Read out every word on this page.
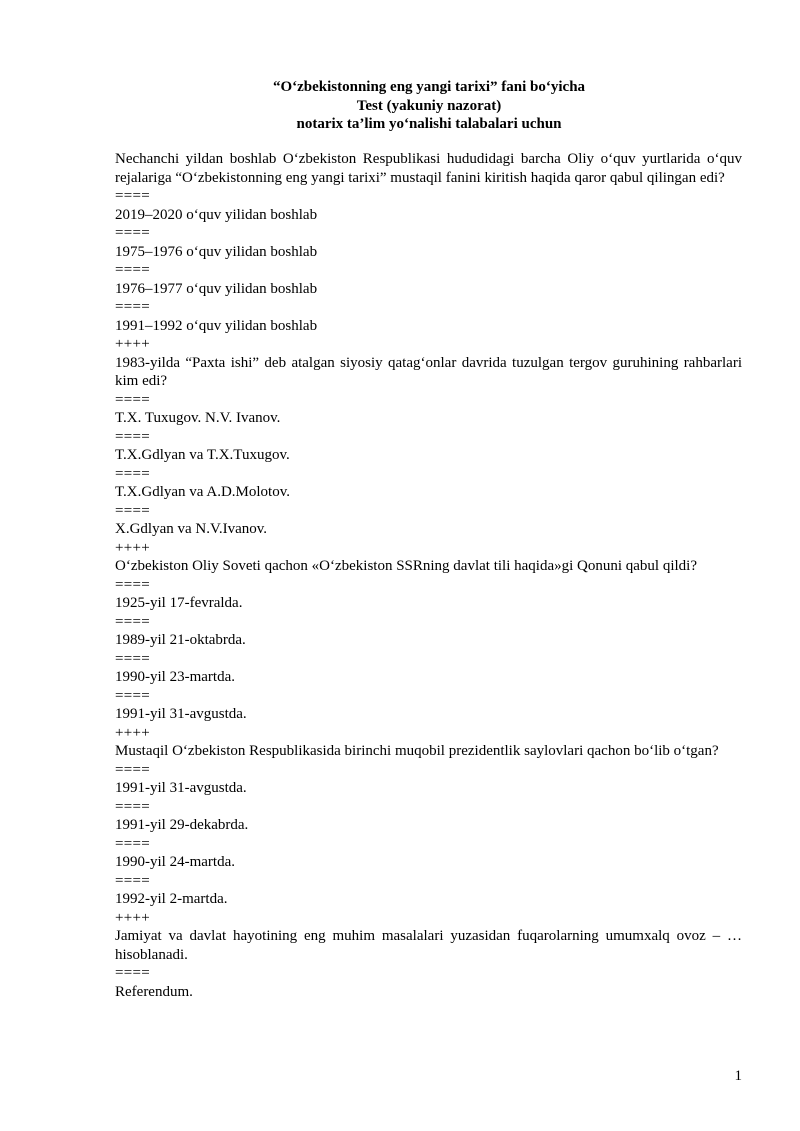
“O‘zbekistonning eng yangi tarixi” fani bo‘yicha
Test (yakuniy nazorat)
notarix ta’lim yo‘nalishi talabalari uchun
Nechanchi yildan boshlab O‘zbekiston Respublikasi hududidagi barcha Oliy o‘quv yurtlarida o‘quv rejalariga “O‘zbekistonning eng yangi tarixi” mustaqil fanini kiritish haqida qaror qabul qilingan edi?
====
2019–2020 o‘quv yilidan boshlab
====
1975–1976 o‘quv yilidan boshlab
====
1976–1977 o‘quv yilidan boshlab
====
1991–1992 o‘quv yilidan boshlab
++++
1983-yilda “Paxta ishi” deb atalgan siyosiy qatag‘onlar davrida tuzulgan tergov guruhining rahbarlari kim edi?
====
T.X. Tuxugov. N.V. Ivanov.
====
T.X.Gdlyan va T.X.Tuxugov.
====
T.X.Gdlyan va A.D.Molotov.
====
X.Gdlyan va N.V.Ivanov.
++++
O‘zbekiston Oliy Soveti qachon «O‘zbekiston SSRning davlat tili haqida»gi Qonuni qabul qildi?
====
1925-yil 17-fevralda.
====
1989-yil 21-oktabrda.
====
1990-yil 23-martda.
====
1991-yil 31-avgustda.
++++
Mustaqil O‘zbekiston Respublikasida birinchi muqobil prezidentlik saylovlari qachon bo‘lib o‘tgan?
====
1991-yil 31-avgustda.
====
1991-yil 29-dekabrda.
====
1990-yil 24-martda.
====
1992-yil 2-martda.
++++
Jamiyat va davlat hayotining eng muhim masalalari yuzasidan fuqarolarning umumxalq ovoz – … hisoblanadi.
====
Referendum.
1
